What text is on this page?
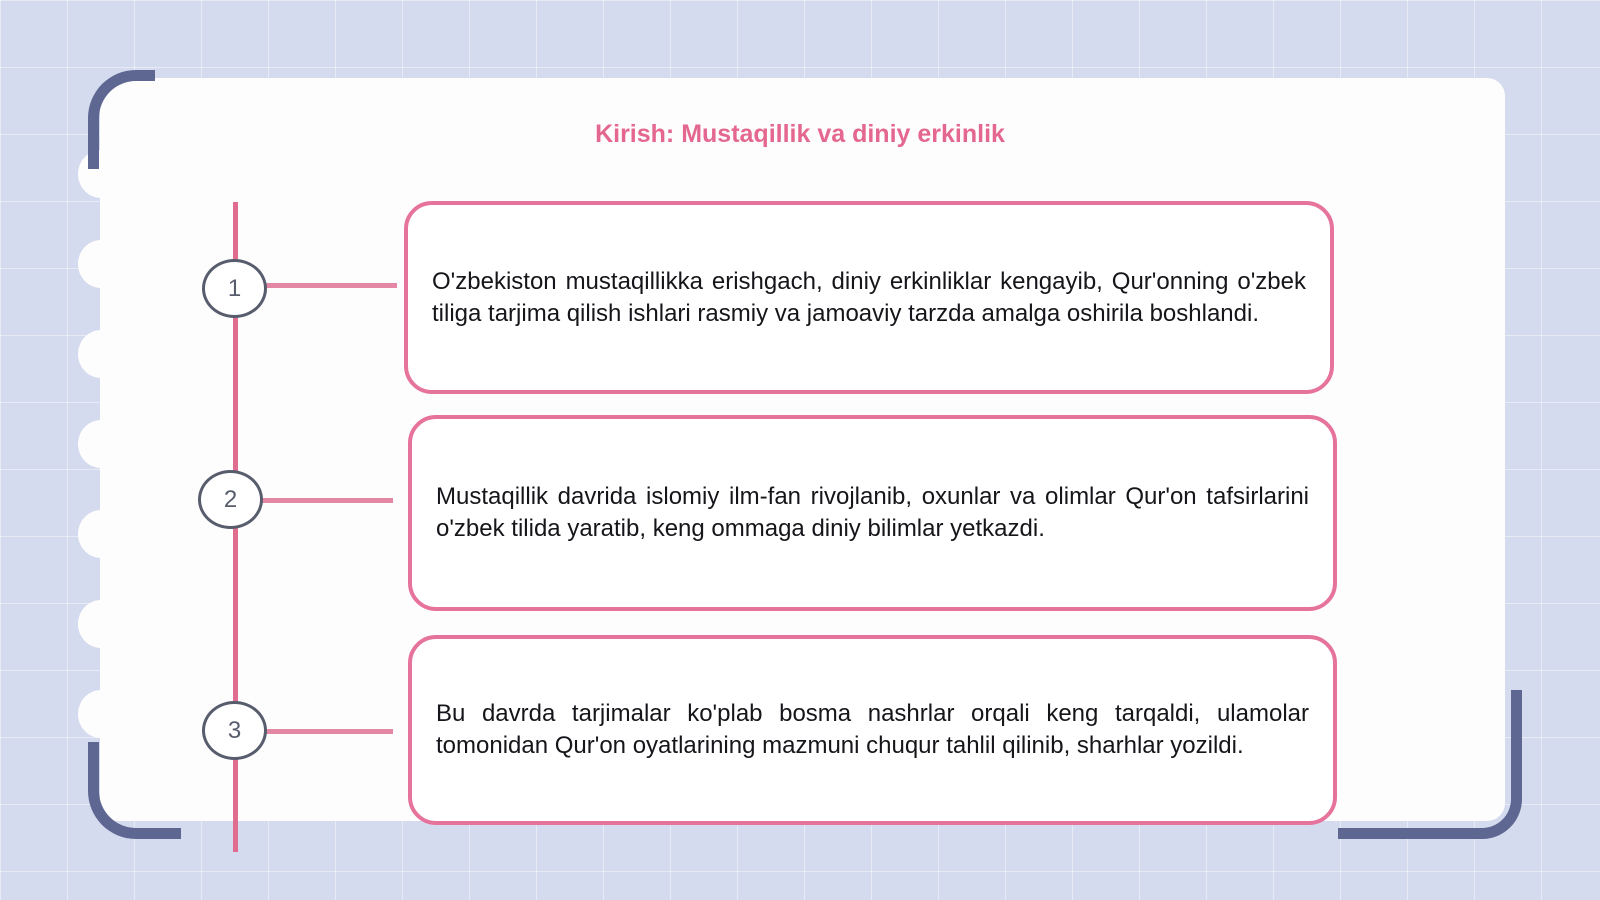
Kirish: Mustaqillik va diniy erkinlik
1	O'zbekiston mustaqillikka erishgach, diniy erkinliklar kengayib, Qur'onning o'zbek tiliga tarjima qilish ishlari rasmiy va jamoaviy tarzda amalga oshirila boshlandi.
2	Mustaqillik davrida islomiy ilm-fan rivojlanib, oxunlar va olimlar Qur'on tafsirlarini o'zbek tilida yaratib, keng ommaga diniy bilimlar yetkazdi.
3
Bu davrda tarjimalar ko'plab bosma nashrlar orqali keng tarqaldi, ulamolar tomonidan Qur'on oyatlarining mazmuni chuqur tahlil qilinib, sharhlar yozildi.
